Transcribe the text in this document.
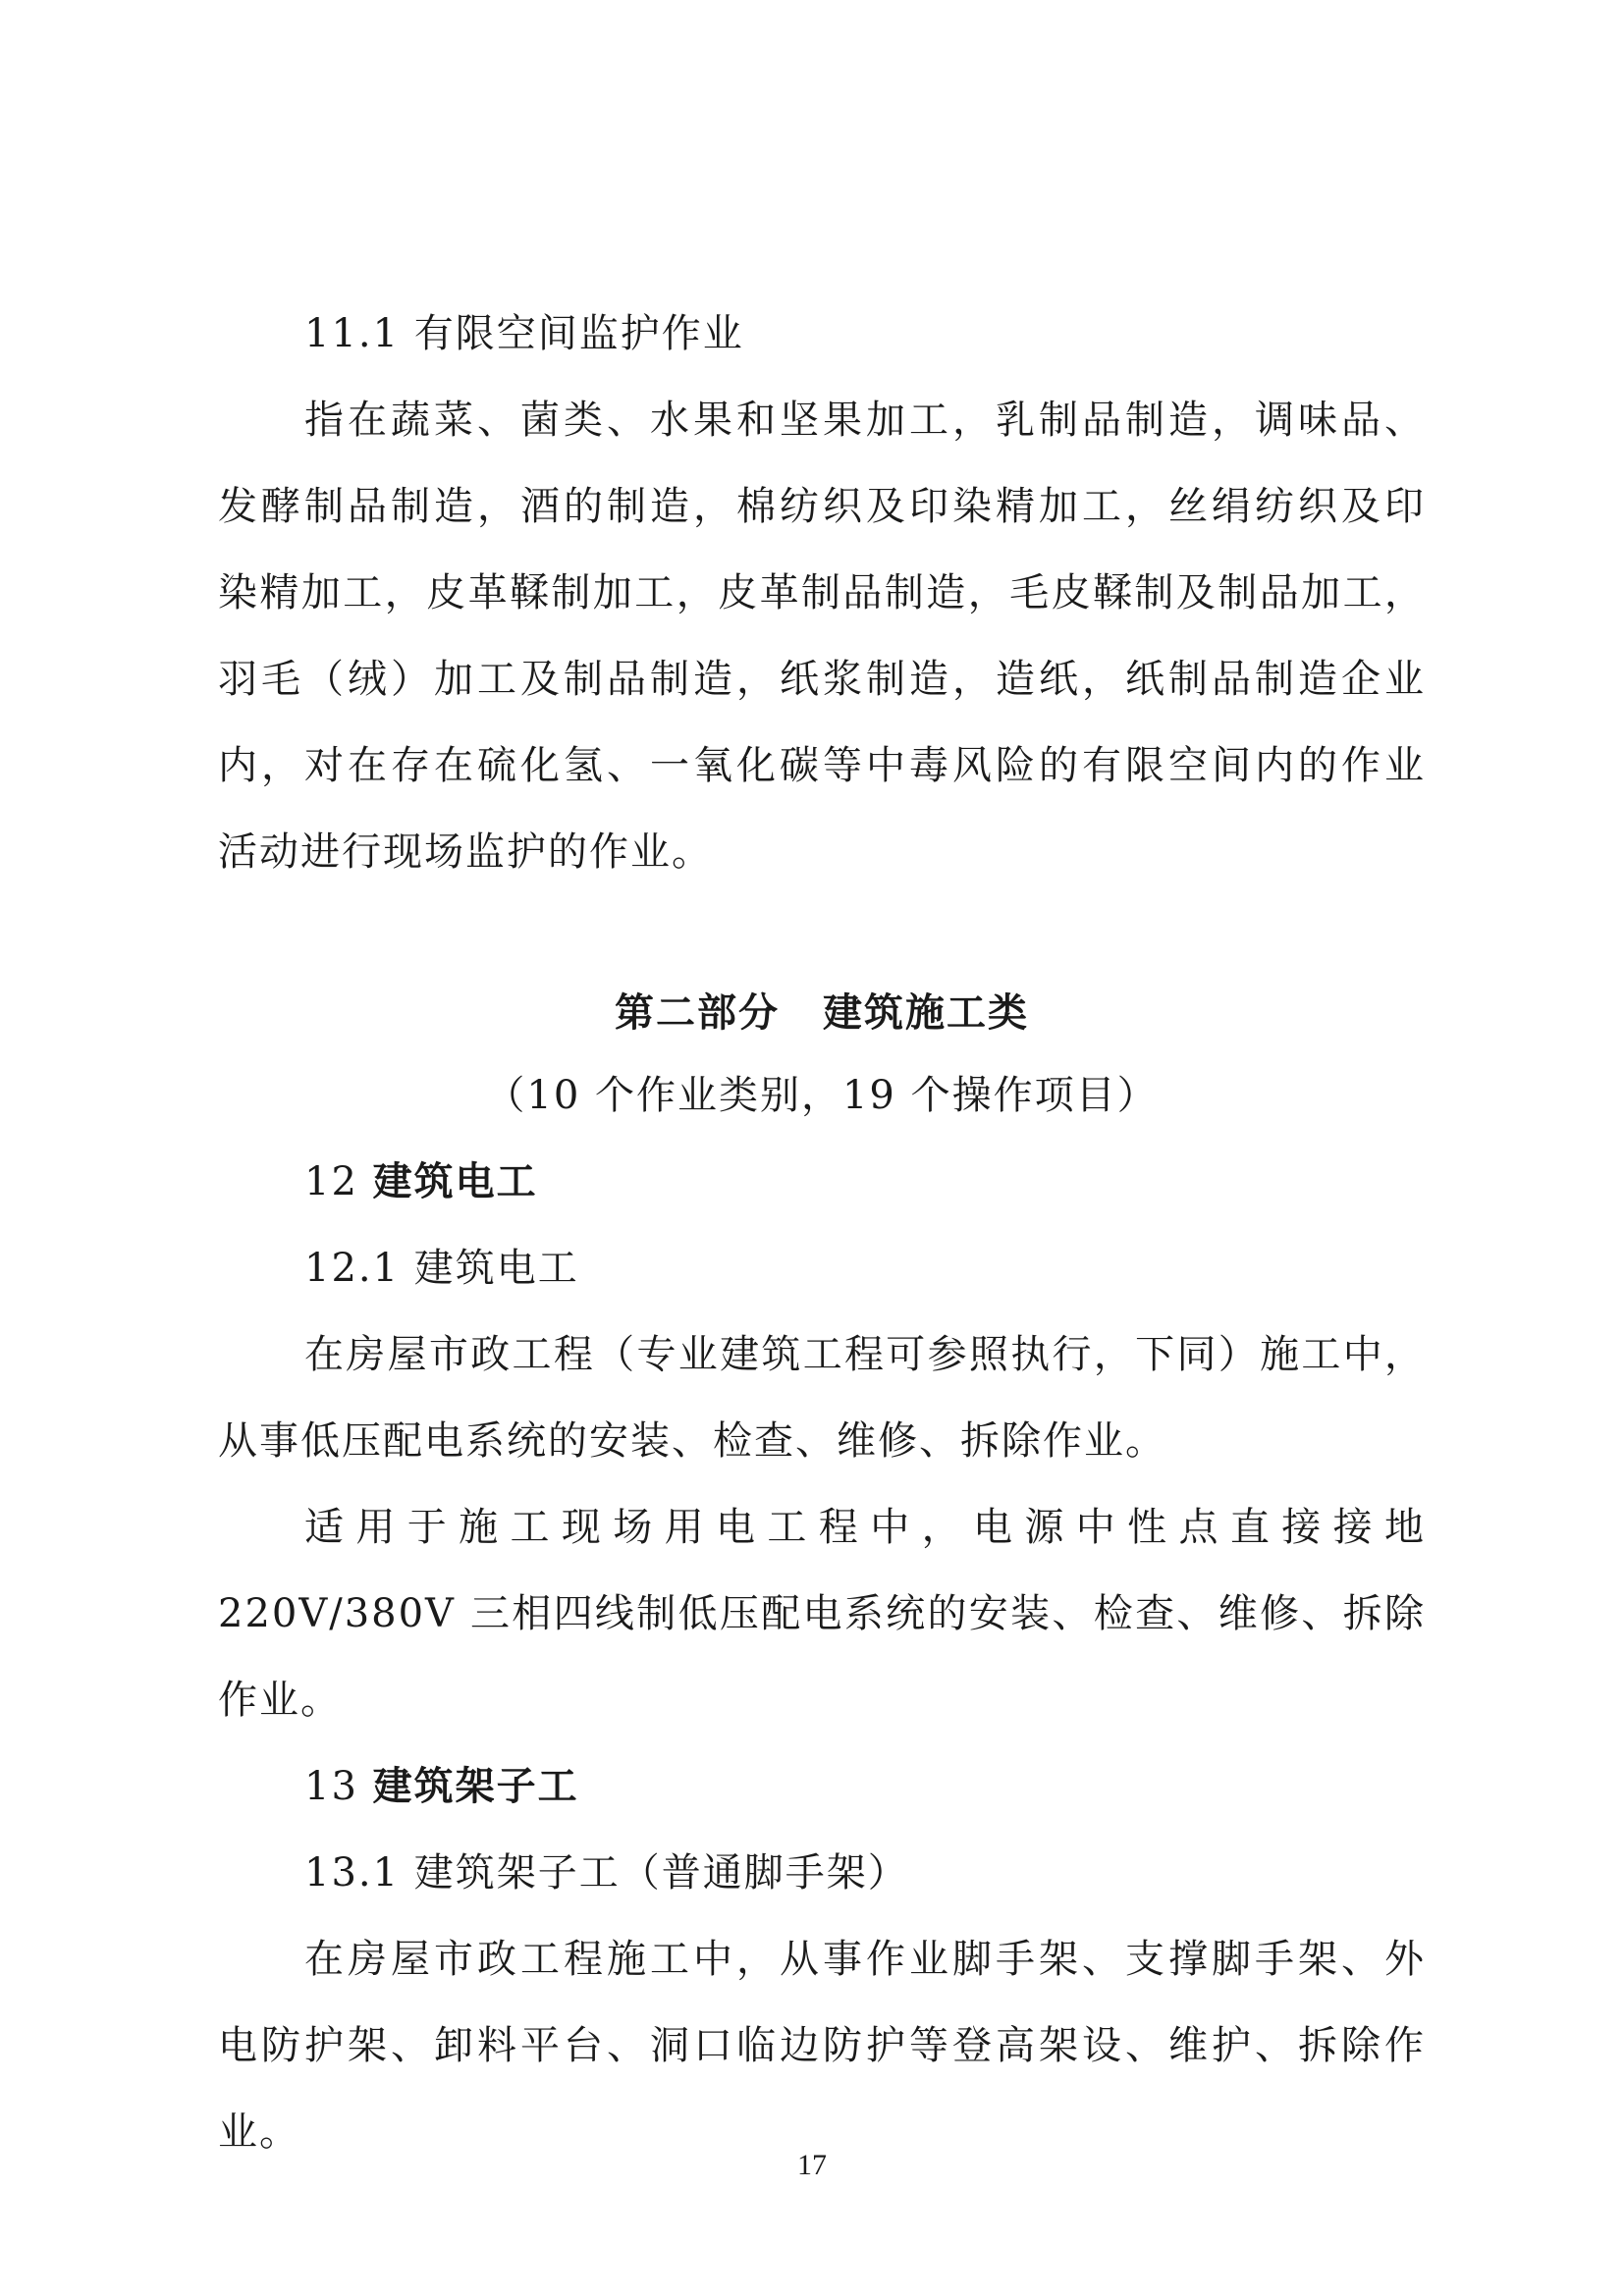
11.1 有限空间监护作业
指在蔬菜、菌类、水果和坚果加工，乳制品制造，调味品、
发酵制品制造，酒的制造，棉纺织及印染精加工，丝绢纺织及印
染精加工，皮革鞣制加工，皮革制品制造，毛皮鞣制及制品加工，
羽毛（绒）加工及制品制造，纸浆制造，造纸，纸制品制造企业
内，对在存在硫化氢、一氧化碳等中毒风险的有限空间内的作业
活动进行现场监护的作业。
第二部分 建筑施工类
（10 个作业类别，19 个操作项目）
12 建筑电工
12.1 建筑电工
在房屋市政工程（专业建筑工程可参照执行，下同）施工中，
从事低压配电系统的安装、检查、维修、拆除作业。
适用于施工现场用电工程中，电源中性点直接接地
220V/380V 三相四线制低压配电系统的安装、检查、维修、拆除
作业。
13 建筑架子工
13.1 建筑架子工（普通脚手架）
在房屋市政工程施工中，从事作业脚手架、支撑脚手架、外
电防护架、卸料平台、洞口临边防护等登高架设、维护、拆除作
业。
17
